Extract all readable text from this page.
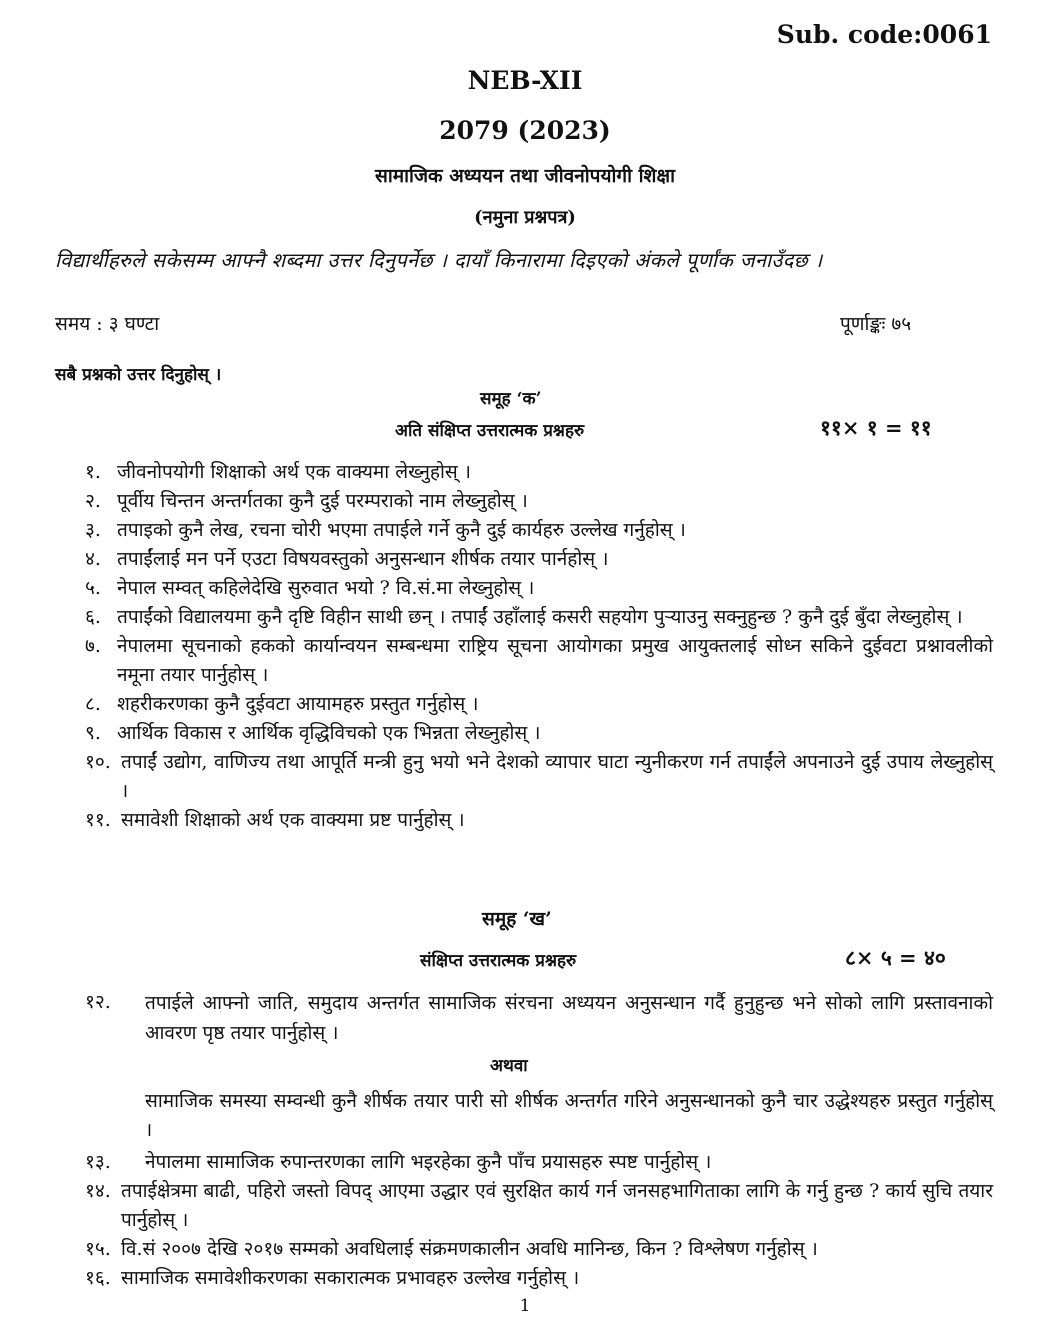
Sub. code:0061
NEB-XII
2079 (2023)
सामाजिक अध्ययन तथा जीवनोपयोगी शिक्षा
(नमुना प्रश्नपत्र)
विद्यार्थीहरुले सकेसम्म आफ्नै शब्दमा उत्तर दिनुपर्नेछ । दायाँ किनारामा दिइएको अंकले पूर्णांक जनाउँदछ ।
समय : ३ घण्टा	पूर्णाङ्कः ७५
सबै प्रश्नको उत्तर दिनुहोस् ।
समूह ‘क’
अति संक्षिप्त उत्तरात्मक प्रश्नहरु	११× १ = ११
१. जीवनोपयोगी शिक्षाको अर्थ एक वाक्यमा लेख्नुहोस् ।
२. पूर्वीय चिन्तन अन्तर्गतका कुनै दुई परम्पराको नाम लेख्नुहोस् ।
३. तपाइको कुनै लेख, रचना चोरी भएमा तपाईले गर्ने कुनै दुई कार्यहरु उल्लेख गर्नुहोस् ।
४. तपाईंलाई मन पर्ने एउटा विषयवस्तुको अनुसन्धान शीर्षक तयार पार्नहोस् ।
५. नेपाल सम्वत् कहिलेदेखि सुरुवात भयो ? वि.सं.मा लेख्नुहोस् ।
६. तपाईंको विद्यालयमा कुनै दृष्टि विहीन साथी छन् । तपाईं उहाँलाई कसरी सहयोग पुऱ्याउनु सक्नुहुन्छ ? कुनै दुई बुँदा लेख्नुहोस् ।
७. नेपालमा सूचनाको हकको कार्यान्वयन सम्बन्धमा राष्ट्रिय सूचना आयोगका प्रमुख आयुक्तलाई सोध्न सकिने दुईवटा प्रश्नावलीको नमूना तयार पार्नुहोस् ।
८. शहरीकरणका कुनै दुईवटा आयामहरु प्रस्तुत गर्नुहोस् ।
९. आर्थिक विकास र आर्थिक वृद्धिविचको एक भिन्नता लेख्नुहोस् ।
१०. तपाईं उद्योग, वाणिज्य तथा आपूर्ति मन्त्री हुनु भयो भने देशको व्यापार घाटा न्युनीकरण गर्न तपाईंले अपनाउने दुई उपाय लेख्नुहोस् ।
११. समावेशी शिक्षाको अर्थ एक वाक्यमा प्रष्ट पार्नुहोस् ।
समूह ‘ख’
संक्षिप्त उत्तरात्मक प्रश्नहरु	८× ५ = ४०
१२. तपाईले आफ्नो जाति, समुदाय अन्तर्गत सामाजिक संरचना अध्ययन अनुसन्धान गर्दै हुनुहुन्छ भने सोको लागि प्रस्तावनाको आवरण पृष्ठ तयार पार्नुहोस् ।
अथवा
सामाजिक समस्या सम्वन्धी कुनै शीर्षक तयार पारी सो शीर्षक अन्तर्गत गरिने अनुसन्धानको कुनै चार उद्धेश्यहरु प्रस्तुत गर्नुहोस् ।
१३.	नेपालमा सामाजिक रुपान्तरणका लागि भइरहेका कुनै पाँच प्रयासहरु स्पष्ट पार्नुहोस् ।
१४. तपाईक्षेत्रमा बाढी, पहिरो जस्तो विपद् आएमा उद्धार एवं सुरक्षित कार्य गर्न जनसहभागिताका लागि के गर्नु हुन्छ ? कार्य सुचि तयार पार्नुहोस् ।
१५. वि.सं २००७ देखि २०१७ सम्मको अवधिलाई संक्रमणकालीन अवधि मानिन्छ, किन ? विश्लेषण गर्नुहोस् ।
१६. सामाजिक समावेशीकरणका सकारात्मक प्रभावहरु उल्लेख गर्नुहोस् ।
1
